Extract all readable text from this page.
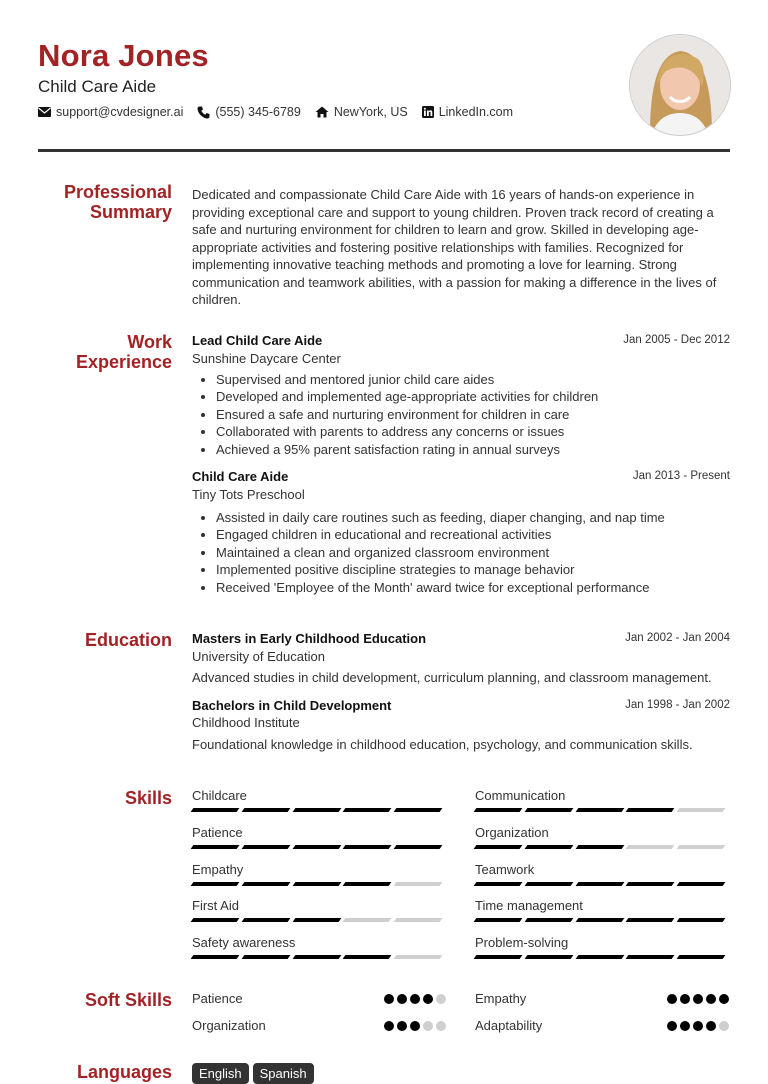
Nora Jones
Child Care Aide
support@cvdesigner.ai	(555) 345-6789	NewYork, US LinkedIn.com
Professional Summary
Dedicated and compassionate Child Care Aide with 16 years of hands-on experience in providing exceptional care and support to young children. Proven track record of creating a safe and nurturing environment for children to learn and grow. Skilled in developing age-appropriate activities and fostering positive relationships with families. Recognized for implementing innovative teaching methods and promoting a love for learning. Strong communication and teamwork abilities, with a passion for making a difference in the lives of children.
Work Experience
Lead Child Care Aide	Jan 2005 - Dec 2012
Sunshine Daycare Center
• Supervised and mentored junior child care aides
• Developed and implemented age-appropriate activities for children
• Ensured a safe and nurturing environment for children in care
• Collaborated with parents to address any concerns or issues
• Achieved a 95% parent satisfaction rating in annual surveys
Child Care Aide	Jan 2013 - Present
Tiny Tots Preschool
• Assisted in daily care routines such as feeding, diaper changing, and nap time
• Engaged children in educational and recreational activities
• Maintained a clean and organized classroom environment
• Implemented positive discipline strategies to manage behavior
• Received 'Employee of the Month' award twice for exceptional performance
Education Masters in Early Childhood Education	Jan 2002 - Jan 2004
University of Education
Advanced studies in child development, curriculum planning, and classroom management.
Bachelors in Child Development	Jan 1998 - Jan 2002
Childhood Institute
Foundational knowledge in childhood education, psychology, and communication skills.
Skills Childcare	Communication
Patience	Organization
Empathy	Teamwork
First Aid	Time management
Safety awareness	Problem-solving
Soft Skills Patience	Empathy
Organization	Adaptability
Languages	English	Spanish
